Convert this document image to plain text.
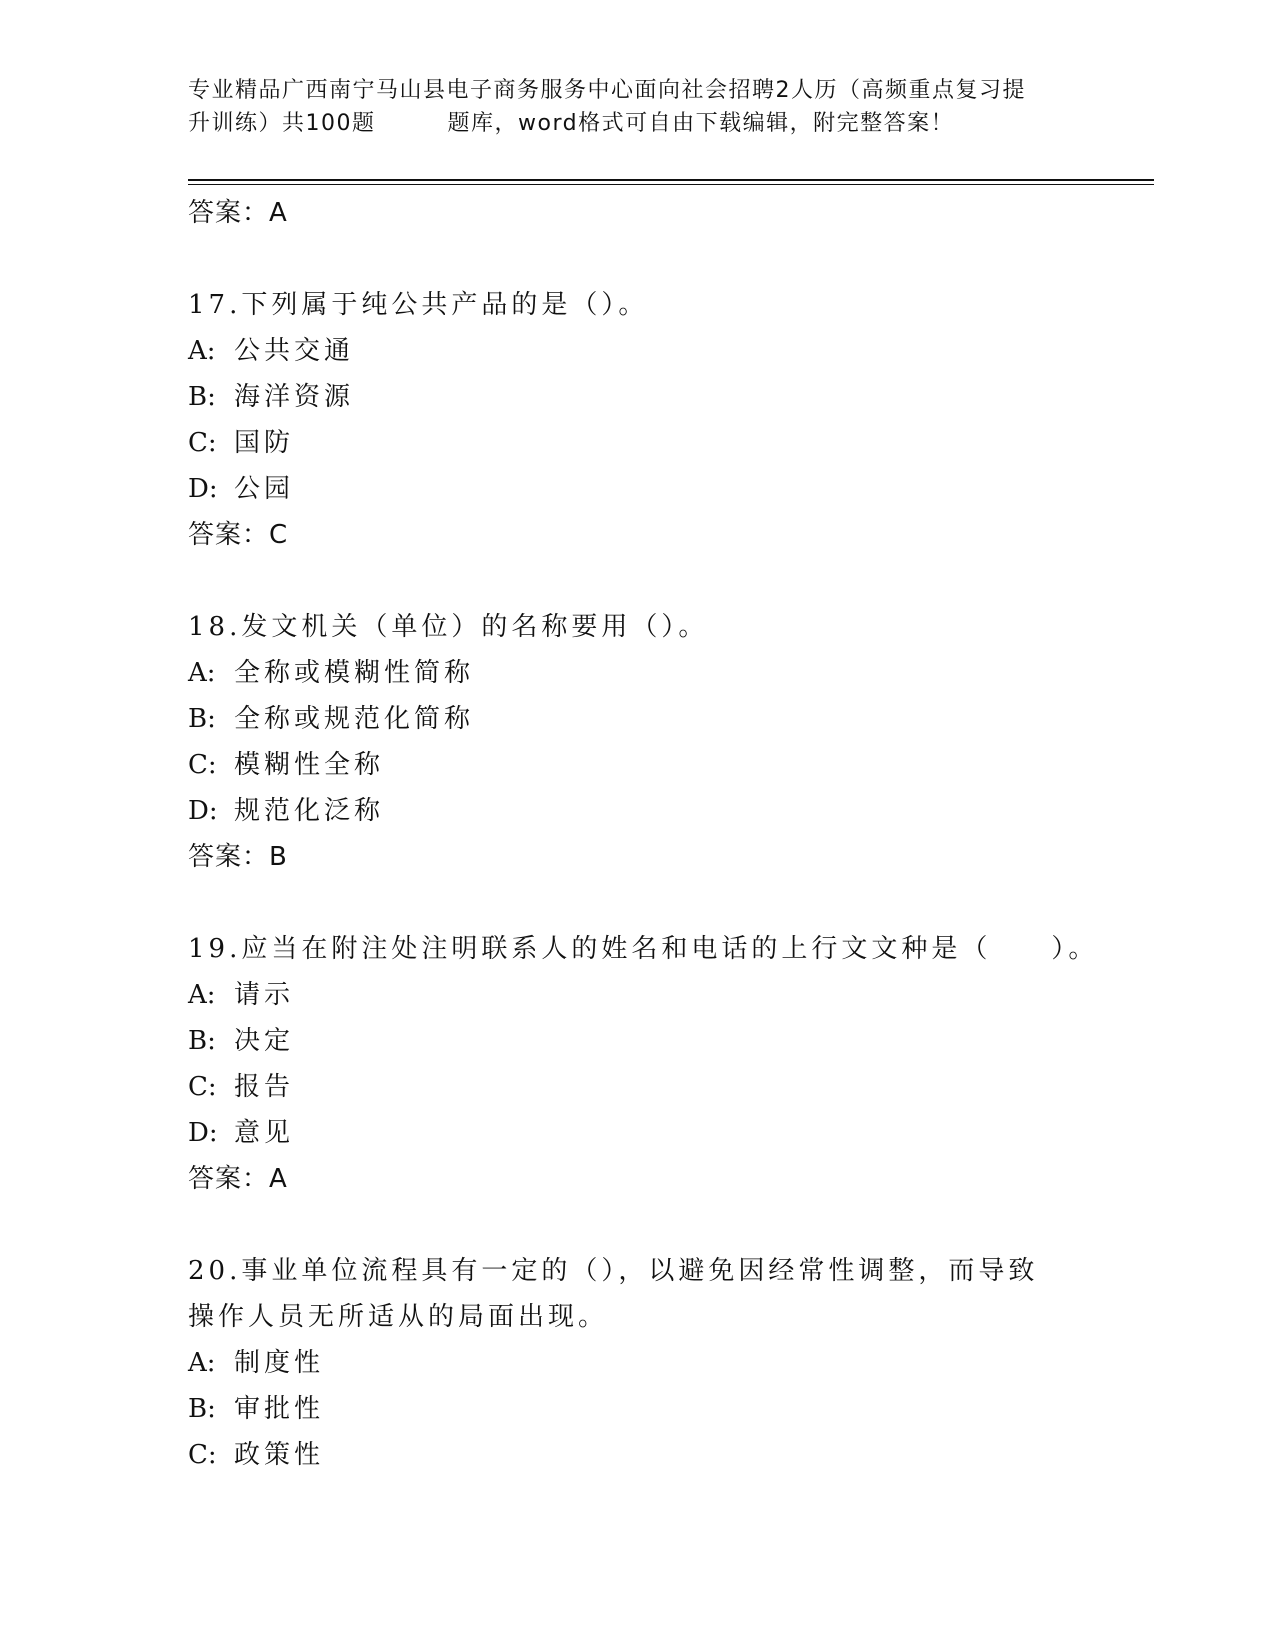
专业精品广西南宁马山县电子商务服务中心面向社会招聘2人历（高频重点复习提
升训练）共100题	题库，word格式可自由下载编辑，附完整答案！
答案：A
17.下列属于纯公共产品的是（）。
A: 公共交通
B: 海洋资源
C: 国防
D: 公园
答案：C
18.发文机关（单位）的名称要用（）。
A: 全称或模糊性简称
B: 全称或规范化简称
C: 模糊性全称
D: 规范化泛称
答案：B
19.应当在附注处注明联系人的姓名和电话的上行文文种是（　　）。
A: 请示
B: 决定
C: 报告
D: 意见
答案：A
20.事业单位流程具有一定的（），以避免因经常性调整，而导致操作人员无所适从的局面出现。
A: 制度性
B: 审批性
C: 政策性
